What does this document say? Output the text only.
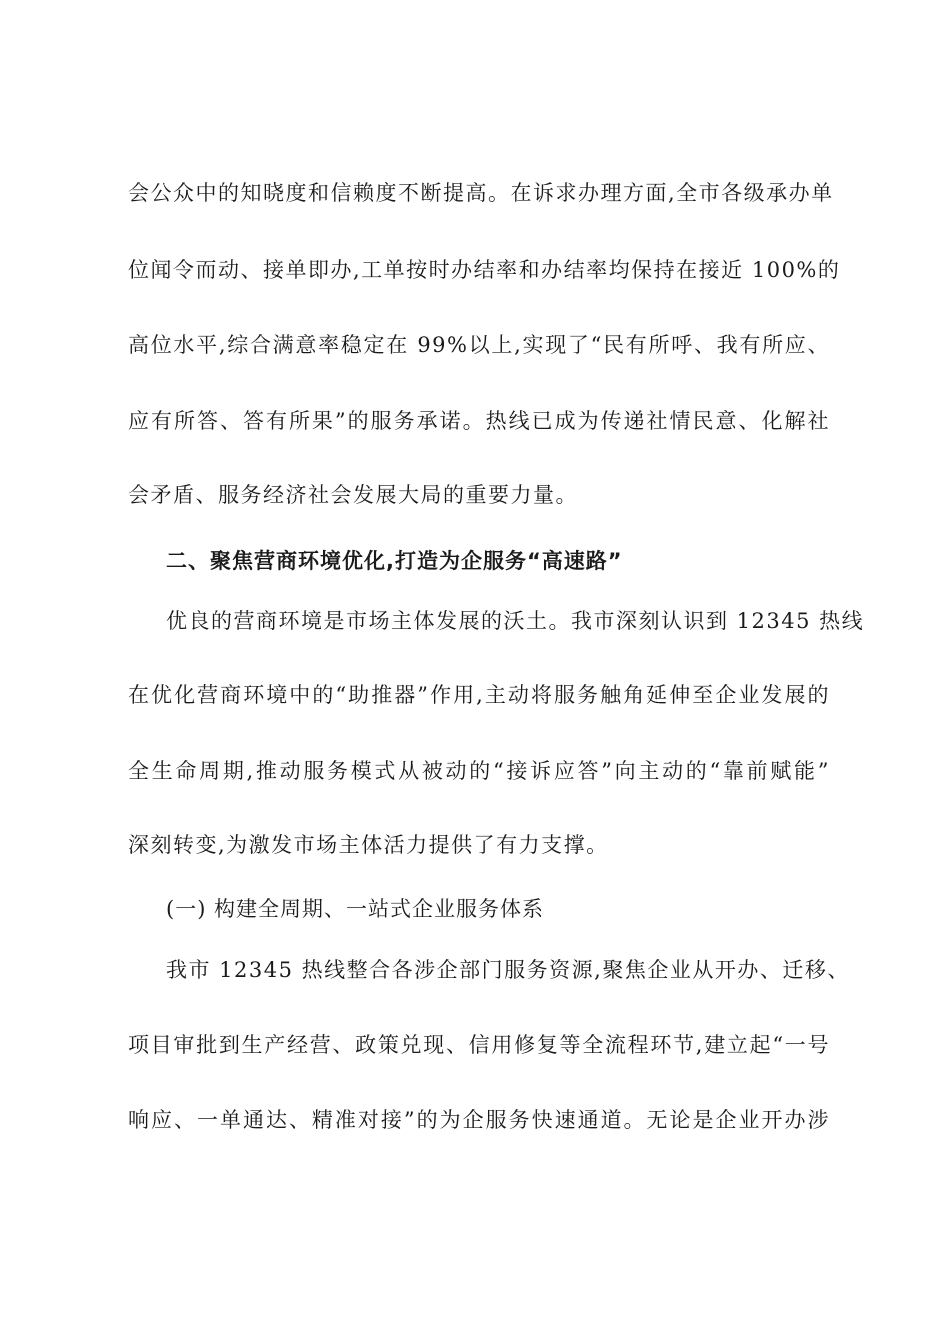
会公众中的知晓度和信赖度不断提高。在诉求办理方面,全市各级承办单
位闻令而动、接单即办,工单按时办结率和办结率均保持在接近 100%的
高位水平,综合满意率稳定在 99%以上,实现了“民有所呼、我有所应、
应有所答、答有所果”的服务承诺。热线已成为传递社情民意、化解社
会矛盾、服务经济社会发展大局的重要力量。
二、聚焦营商环境优化,打造为企服务“高速路”
优良的营商环境是市场主体发展的沃土。我市深刻认识到 12345 热线
在优化营商环境中的“助推器”作用,主动将服务触角延伸至企业发展的
全生命周期,推动服务模式从被动的“接诉应答”向主动的“靠前赋能”
深刻转变,为激发市场主体活力提供了有力支撑。
(一) 构建全周期、一站式企业服务体系
我市 12345 热线整合各涉企部门服务资源,聚焦企业从开办、迁移、
项目审批到生产经营、政策兑现、信用修复等全流程环节,建立起“一号
响应、一单通达、精准对接”的为企服务快速通道。无论是企业开办涉
